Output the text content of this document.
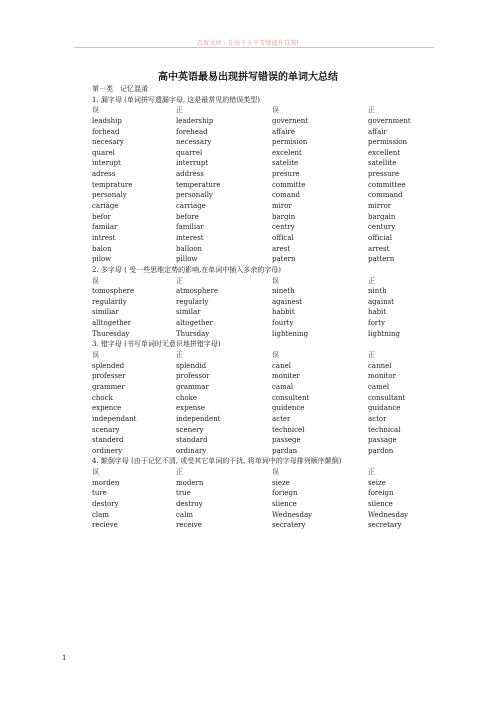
百度文库 - 让每个人平等地提升自我!
高中英语最易出现拼写错误的单词大总结
第一类　记忆混淆
1. 漏字母 (单词拼写遗漏字母, 这是最常见的错误类型)
误	正	误	正
leadship	leadership	governent	government
forhead	forehead	affaire	affair
necesary	necessary	permision	permission
quarel	quarrel	excelent	excellent
interupt	interrupt	satelite	satellite
adress	address	presure	pressure
temprature	temperature	committe	committee
personaly	personally	comand	command
cariage	carriage	miror	mirror
befor	before	bargin	bargain
familar	familiar	centry	century
intrest	interest	offical	official
balon	balloon	arest	arrest
pilow	pillow	patern	pattern
2. 多字母 ( 受一些思维定势的影响,在单词中插入多余的字母)
误	正	误	正
tomosphere	atmosphere	nineth	ninth
regularily	regularly	againest	against
similiar	similar	habbit	habit
alltogether	altogether	fourty	forty
Thuresday	Thursday	lightening	lightning
3. 错字母 (书写单词时无意识地拼错字母)
误	正	误	正
splended	splendid	canel	cannel
professer	professor	moniter	monitor
grammer	grammar	camal	camel
chock	choke	consultent	consultant
expence	expense	guidence	guidance
independant	independent	acter	actor
scenary	scenery	technicel	technical
standerd	standard	passege	passage
ordinery	ordinary	pardan	pardon
4. 颠倒字母 (由于记忆不清, 或受其它单词的干扰, 将单词中的字母排列顺序颠倒)
误	正	误	正
morden	modern	sieze	seize
ture	true	foriegn	foreign
destory	destroy	slience	silence
clam	calm	Wednesday	Wednesday
recieve	receive	secratery	secretary
1
